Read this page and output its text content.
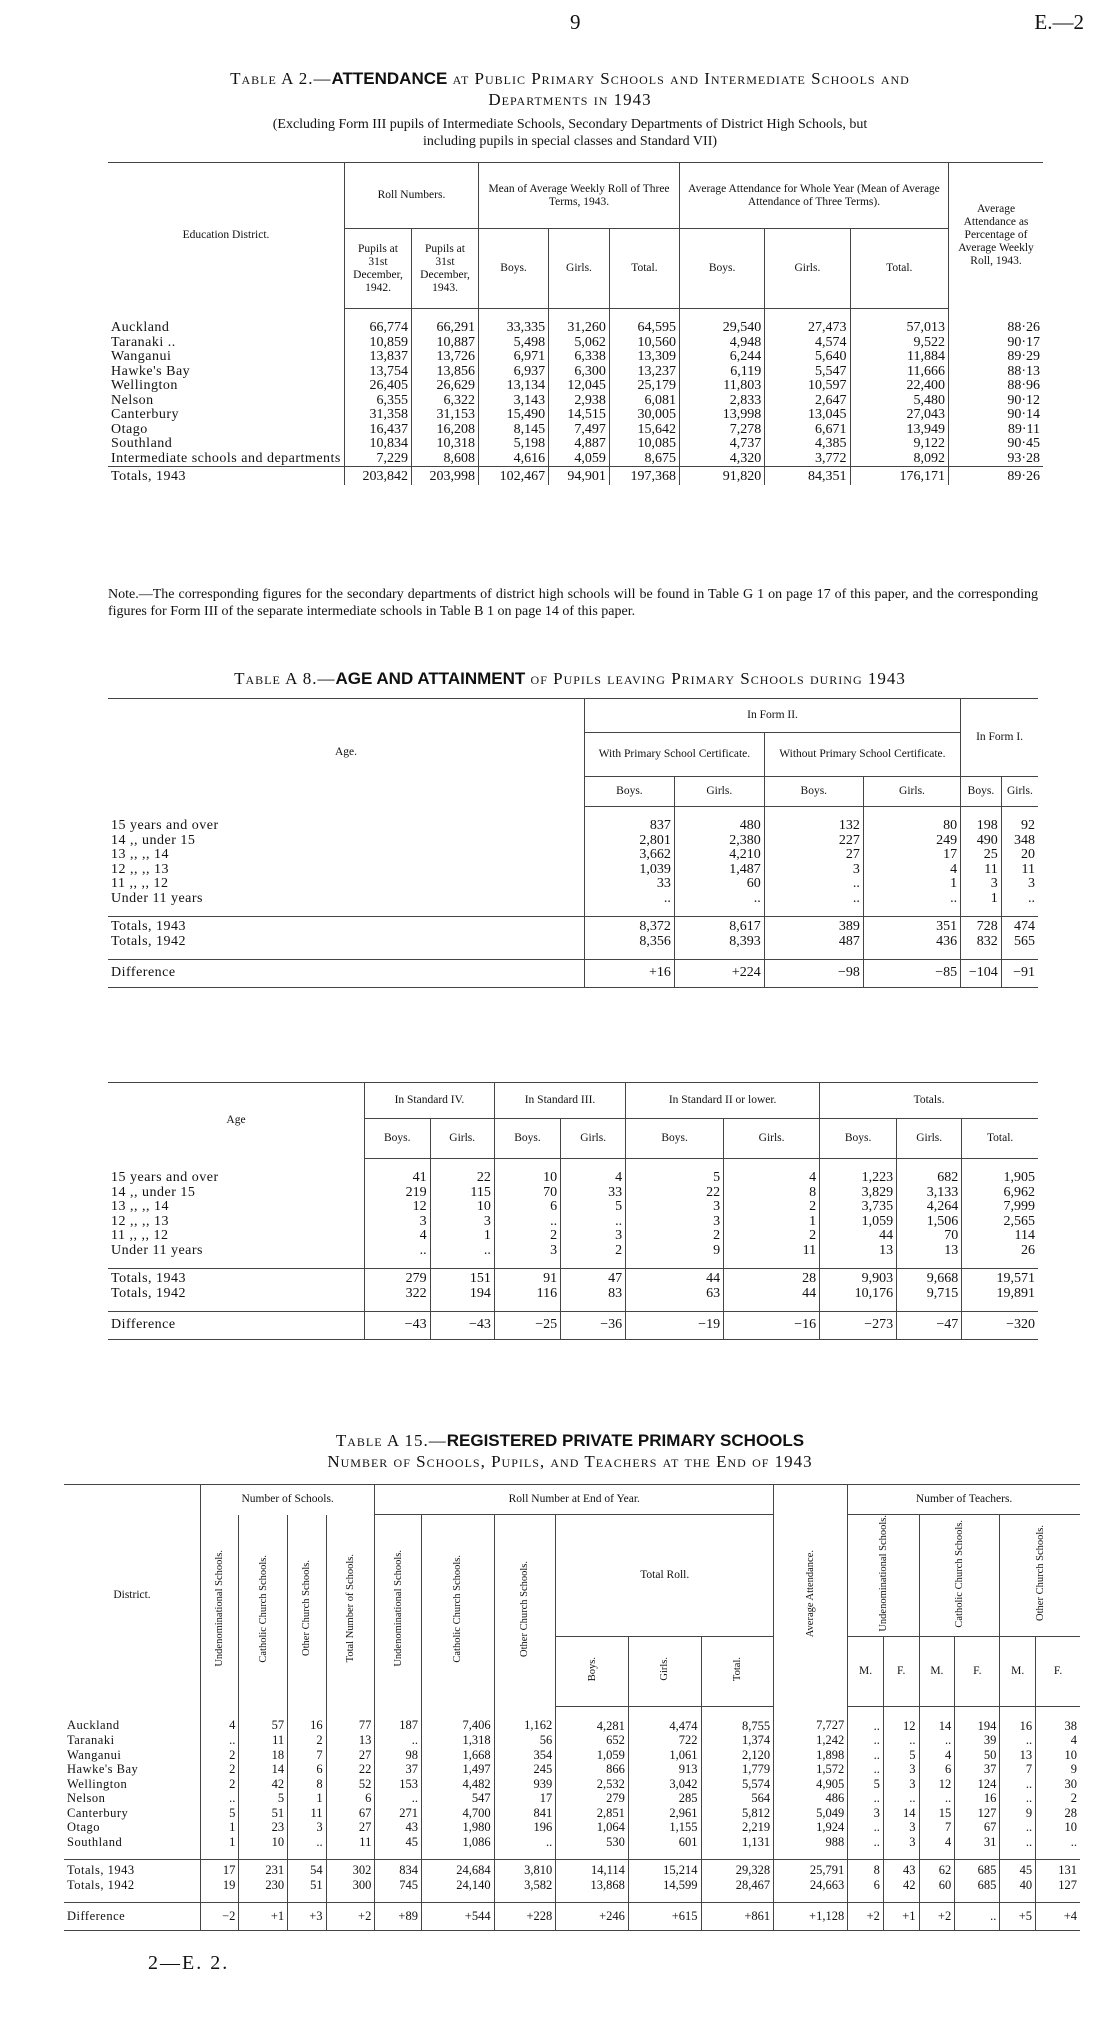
9	E.—2
Table A 2.—ATTENDANCE at Public Primary Schools and Intermediate Schools and
Departments in 1943
(Excluding Form III pupils of Intermediate Schools, Secondary Departments of District High Schools, but
including pupils in special classes and Standard VII)
Education District.	Roll Numbers.		Mean of Average Weekly Roll of Three Terms, 1943.			Average Attendance for Whole Year (Mean of Average Attendance of Three Terms).			Average Attendance as Percentage of Average Weekly Roll, 1943.
	Pupils at 31st December, 1942.	Pupils at 31st December, 1943.	Boys.	Girls.	Total.	Boys.	Girls.	Total.	
Auckland	66,774	66,291	33,335	31,260	64,595	29,540	27,473	57,013	88·26
Taranaki ..	10,859	10,887	5,498	5,062	10,560	4,948	4,574	9,522	90·17
Wanganui	13,837	13,726	6,971	6,338	13,309	6,244	5,640	11,884	89·29
Hawke's Bay	13,754	13,856	6,937	6,300	13,237	6,119	5,547	11,666	88·13
Wellington	26,405	26,629	13,134	12,045	25,179	11,803	10,597	22,400	88·96
Nelson	6,355	6,322	3,143	2,938	6,081	2,833	2,647	5,480	90·12
Canterbury	31,358	31,153	15,490	14,515	30,005	13,998	13,045	27,043	90·14
Otago	16,437	16,208	8,145	7,497	15,642	7,278	6,671	13,949	89·11
Southland	10,834	10,318	5,198	4,887	10,085	4,737	4,385	9,122	90·45
Intermediate schools and departments	7,229	8,608	4,616	4,059	8,675	4,320	3,772	8,092	93·28
Totals, 1943	203,842	203,998	102,467	94,901	197,368	91,820	84,351	176,171	89·26
Note.—The corresponding figures for the secondary departments of district high schools will be found in Table G 1 on page 17 of this paper, and the corresponding figures for Form III of the separate intermediate schools in Table B 1 on page 14 of this paper.
Table A 8.—AGE AND ATTAINMENT of Pupils leaving Primary Schools during 1943
Age.	In Form II.				In Form I.	
	With Primary School Certificate.		Without Primary School Certificate.			
	Boys.	Girls.	Boys.	Girls.	Boys.	Girls.
15 years and over	837	480	132	80	198	92
14 ,, under 15	2,801	2,380	227	249	490	348
13 ,, ,, 14	3,662	4,210	27	17	25	20
12 ,, ,, 13	1,039	1,487	3	4	11	11
11 ,, ,, 12	33	60	..	1	3	3
Under 11 years	..	..	..	..	1	..

Totals, 1943	8,372	8,617	389	351	728	474
Totals, 1942	8,356	8,393	487	436	832	565

Difference	+16	+224	−98	−85	−104	−91
Age	In Standard IV.		In Standard III.		In Standard II or lower.		Totals.		
	Boys.	Girls.	Boys.	Girls.	Boys.	Girls.	Boys.	Girls.	Total.
15 years and over	41	22	10	4	5	4	1,223	682	1,905
14 ,, under 15	219	115	70	33	22	8	3,829	3,133	6,962
13 ,, ,, 14	12	10	6	5	3	2	3,735	4,264	7,999
12 ,, ,, 13	3	3	..	..	3	1	1,059	1,506	2,565
11 ,, ,, 12	4	1	2	3	2	2	44	70	114
Under 11 years	..	..	3	2	9	11	13	13	26

Totals, 1943	279	151	91	47	44	28	9,903	9,668	19,571
Totals, 1942	322	194	116	83	63	44	10,176	9,715	19,891

Difference	−43	−43	−25	−36	−19	−16	−273	−47	−320
Table A 15.—REGISTERED PRIVATE PRIMARY SCHOOLS
Number of Schools, Pupils, and Teachers at the End of 1943
District.	Number of Schools.				Roll Number at End of Year.						Average Attendance.	Number of Teachers.					
	Undenominational Schools.	Catholic Church Schools.	Other Church Schools.	Total Number of Schools.	Undenominational Schools.	Catholic Church Schools.	Other Church Schools.	Total Roll.				Undenominational Schools.		Catholic Church Schools.		Other Church Schools.	
								Boys.	Girls.	Total.		M.	F.	M.	F.	M.	F.
Auckland	4	57	16	77	187	7,406	1,162	4,281	4,474	8,755	7,727	..	12	14	194	16	38
Taranaki	..	11	2	13	..	1,318	56	652	722	1,374	1,242	..	..	..	39	..	4
Wanganui	2	18	7	27	98	1,668	354	1,059	1,061	2,120	1,898	..	5	4	50	13	10
Hawke's Bay	2	14	6	22	37	1,497	245	866	913	1,779	1,572	..	3	6	37	7	9
Wellington	2	42	8	52	153	4,482	939	2,532	3,042	5,574	4,905	5	3	12	124	..	30
Nelson	..	5	1	6	..	547	17	279	285	564	486	..	..	..	16	..	2
Canterbury	5	51	11	67	271	4,700	841	2,851	2,961	5,812	5,049	3	14	15	127	9	28
Otago	1	23	3	27	43	1,980	196	1,064	1,155	2,219	1,924	..	3	7	67	..	10
Southland	1	10	..	11	45	1,086	..	530	601	1,131	988	..	3	4	31	..	..

Totals, 1943	17	231	54	302	834	24,684	3,810	14,114	15,214	29,328	25,791	8	43	62	685	45	131
Totals, 1942	19	230	51	300	745	24,140	3,582	13,868	14,599	28,467	24,663	6	42	60	685	40	127

Difference	−2	+1	+3	+2	+89	+544	+228	+246	+615	+861	+1,128	+2	+1	+2	..	+5	+4
2—E. 2.
